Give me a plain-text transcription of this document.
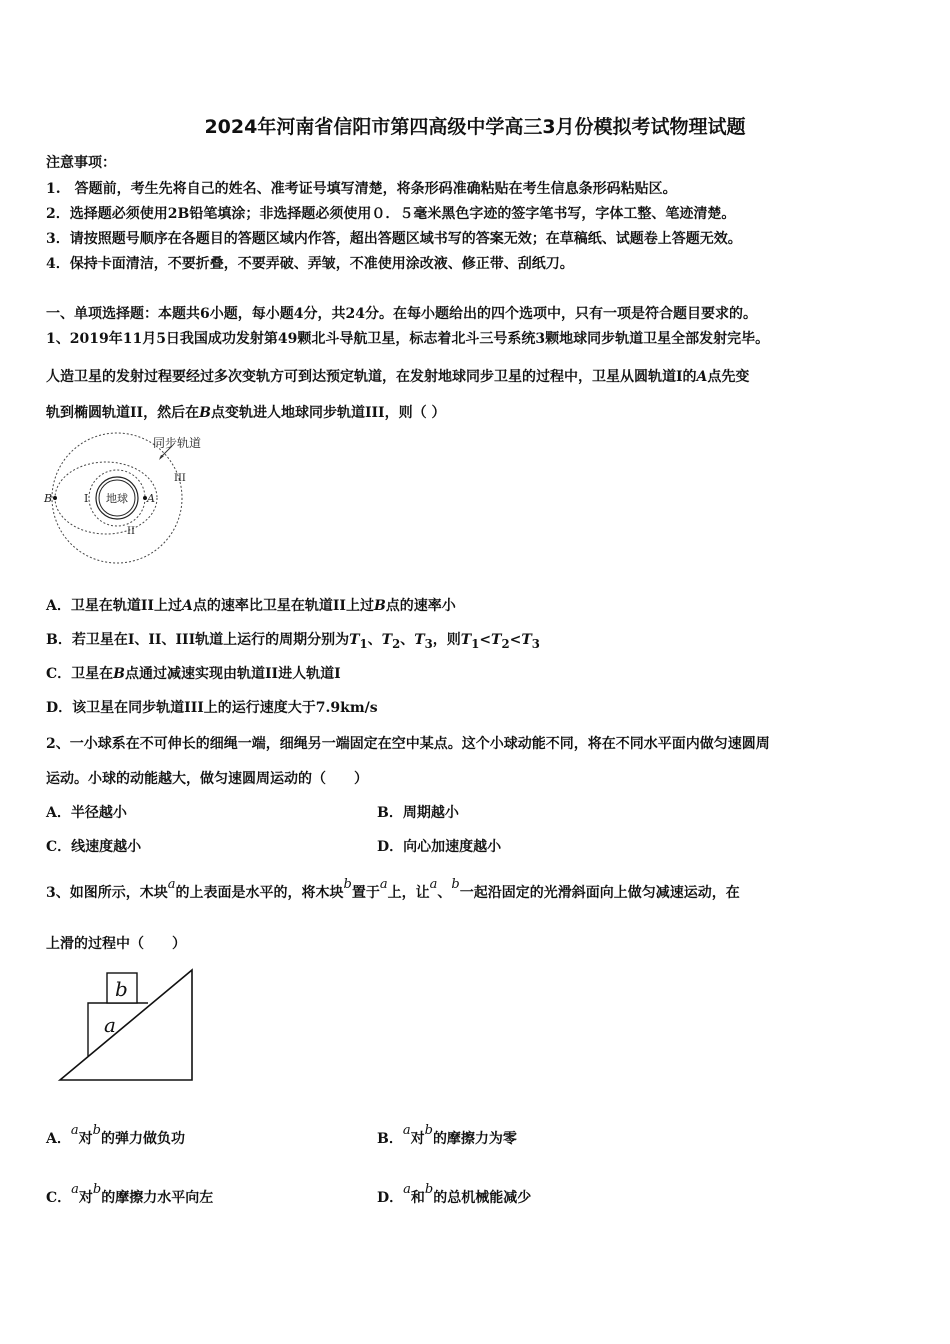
2024年河南省信阳市第四高级中学高三3月份模拟考试物理试题
注意事项：
1.　答题前，考生先将自己的姓名、准考证号填写清楚，将条形码准确粘贴在考生信息条形码粘贴区。
2．选择题必须使用2B铅笔填涂；非选择题必须使用０．５毫米黑色字迹的签字笔书写，字体工整、笔迹清楚。
3．请按照题号顺序在各题目的答题区域内作答，超出答题区域书写的答案无效；在草稿纸、试题卷上答题无效。
4．保持卡面清洁，不要折叠，不要弄破、弄皱，不准使用涂改液、修正带、刮纸刀。
一、单项选择题：本题共6小题，每小题4分，共24分。在每小题给出的四个选项中，只有一项是符合题目要求的。
1、2019年11月5日我国成功发射第49颗北斗导航卫星，标志着北斗三号系统3颗地球同步轨道卫星全部发射完毕。
人造卫星的发射过程要经过多次变轨方可到达预定轨道，在发射地球同步卫星的过程中，卫星从圆轨道I的A点先变
轨到椭圆轨道II，然后在B点变轨进人地球同步轨道III，则（ ）
同步轨道
地球
I
II
III
A
B
A．卫星在轨道II上过A点的速率比卫星在轨道II上过B点的速率小
B．若卫星在I、II、III轨道上运行的周期分别为$T_1$、$T_2$、$T_3$，则$T_1<T_2<T_3$
C．卫星在B点通过减速实现由轨道II进人轨道I
D．该卫星在同步轨道III上的运行速度大于7.9km/s
2、一小球系在不可伸长的细绳一端，细绳另一端固定在空中某点。这个小球动能不同，将在不同水平面内做匀速圆周
运动。小球的动能越大，做匀速圆周运动的（　　）
A．半径越小	B．周期越小
C．线速度越小	D．向心加速度越小
3、如图所示，木块a的上表面是水平的，将木块b置于a上，让a、b一起沿固定的光滑斜面向上做匀减速运动，在
上滑的过程中（　　）
a
b
A．a对b的弹力做负功	B．a对b的摩擦力为零
C．a对b的摩擦力水平向左	D．a和b的总机械能减少
